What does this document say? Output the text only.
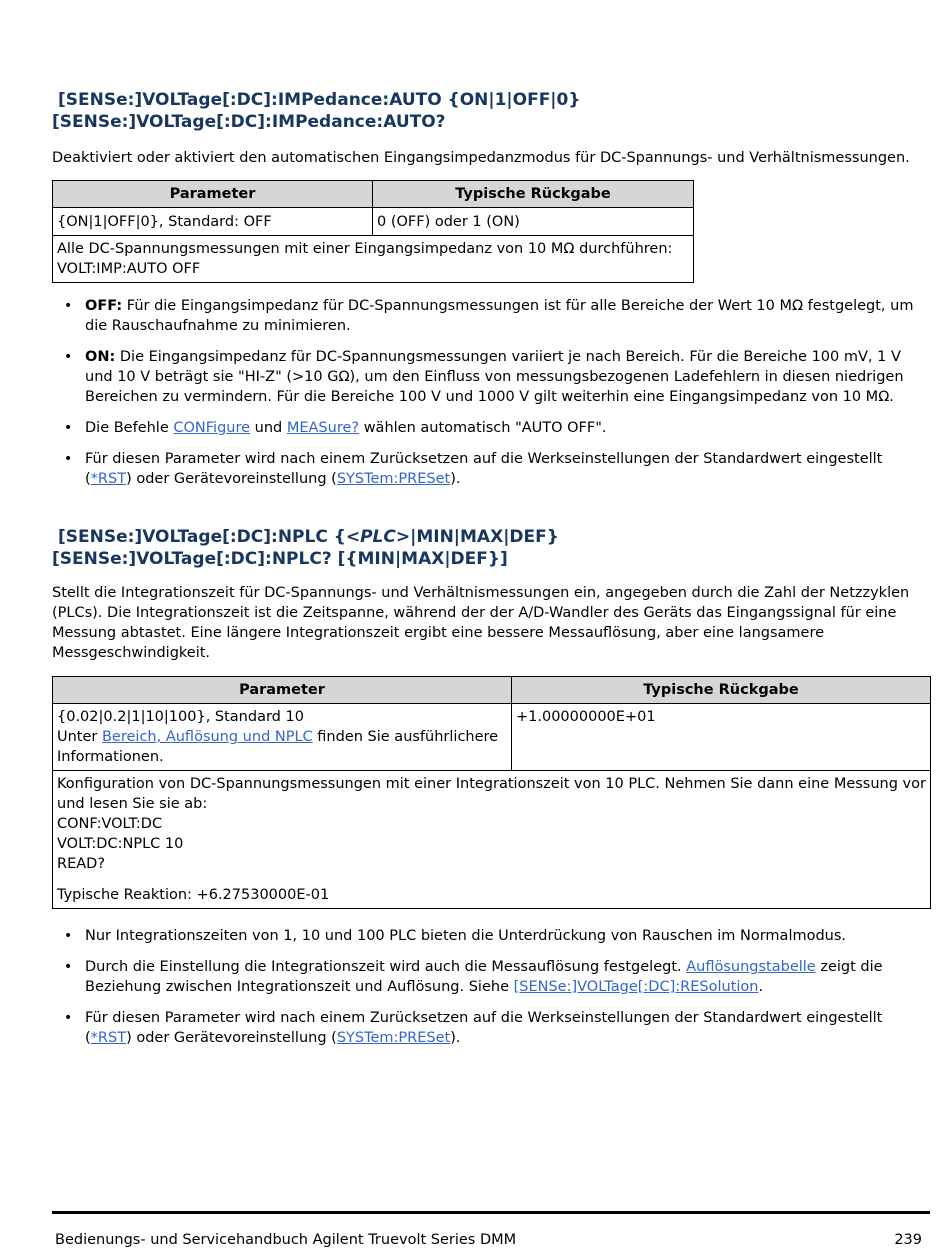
[SENSe:]VOLTage[:DC]:IMPedance:AUTO {ON|1|OFF|0}
[SENSe:]VOLTage[:DC]:IMPedance:AUTO?
Deaktiviert oder aktiviert den automatischen Eingangsimpedanzmodus für DC-Spannungs- und Verhältnismessungen.
Parameter	Typische Rückgabe
{ON|1|OFF|0}, Standard: OFF	0 (OFF) oder 1 (ON)

Alle DC-Spannungsmessungen mit einer Eingangsimpedanz von 10 MΩ durchführen:
VOLT:IMP:AUTO OFF	
• OFF: Für die Eingangsimpedanz für DC-Spannungsmessungen ist für alle Bereiche der Wert 10 MΩ festgelegt, um die Rauschaufnahme zu minimieren.
• ON: Die Eingangsimpedanz für DC-Spannungsmessungen variiert je nach Bereich. Für die Bereiche 100 mV, 1 V und 10 V beträgt sie "HI-Z" (>10 GΩ), um den Einfluss von messungsbezogenen Ladefehlern in diesen niedrigen Bereichen zu vermindern. Für die Bereiche 100 V und 1000 V gilt weiterhin eine Eingangsimpedanz von 10 MΩ.
• Die Befehle CONFigure und MEASure? wählen automatisch "AUTO OFF".
• Für diesen Parameter wird nach einem Zurücksetzen auf die Werkseinstellungen der Standardwert eingestellt (*RST) oder Gerätevoreinstellung (SYSTem:PRESet).
[SENSe:]VOLTage[:DC]:NPLC {<PLC>|MIN|MAX|DEF}
[SENSe:]VOLTage[:DC]:NPLC? [{MIN|MAX|DEF}]
Stellt die Integrationszeit für DC-Spannungs- und Verhältnismessungen ein, angegeben durch die Zahl der Netzzyklen (PLCs). Die Integrationszeit ist die Zeitspanne, während der der A/D-Wandler des Geräts das Eingangssignal für eine Messung abtastet. Eine längere Integrationszeit ergibt eine bessere Messauflösung, aber eine langsamere Messgeschwindigkeit.
Parameter	Typische Rückgabe

{0.02|0.2|1|10|100}, Standard 10
Unter Bereich, Auflösung und NPLC finden Sie ausführlichere Informationen.	+1.00000000E+01

Konfiguration von DC-Spannungsmessungen mit einer Integrationszeit von 10 PLC. Nehmen Sie dann eine Messung vor und lesen Sie sie ab:
CONF:VOLT:DC
VOLT:DC:NPLC 10
READ?
Typische Reaktion: +6.27530000E-01	
• Nur Integrationszeiten von 1, 10 und 100 PLC bieten die Unterdrückung von Rauschen im Normalmodus.
• Durch die Einstellung die Integrationszeit wird auch die Messauflösung festgelegt. Auflösungstabelle zeigt die Beziehung zwischen Integrationszeit und Auflösung. Siehe [SENSe:]VOLTage[:DC]:RESolution.
• Für diesen Parameter wird nach einem Zurücksetzen auf die Werkseinstellungen der Standardwert eingestellt (*RST) oder Gerätevoreinstellung (SYSTem:PRESet).
Bedienungs- und Servicehandbuch Agilent Truevolt Series DMM	239
